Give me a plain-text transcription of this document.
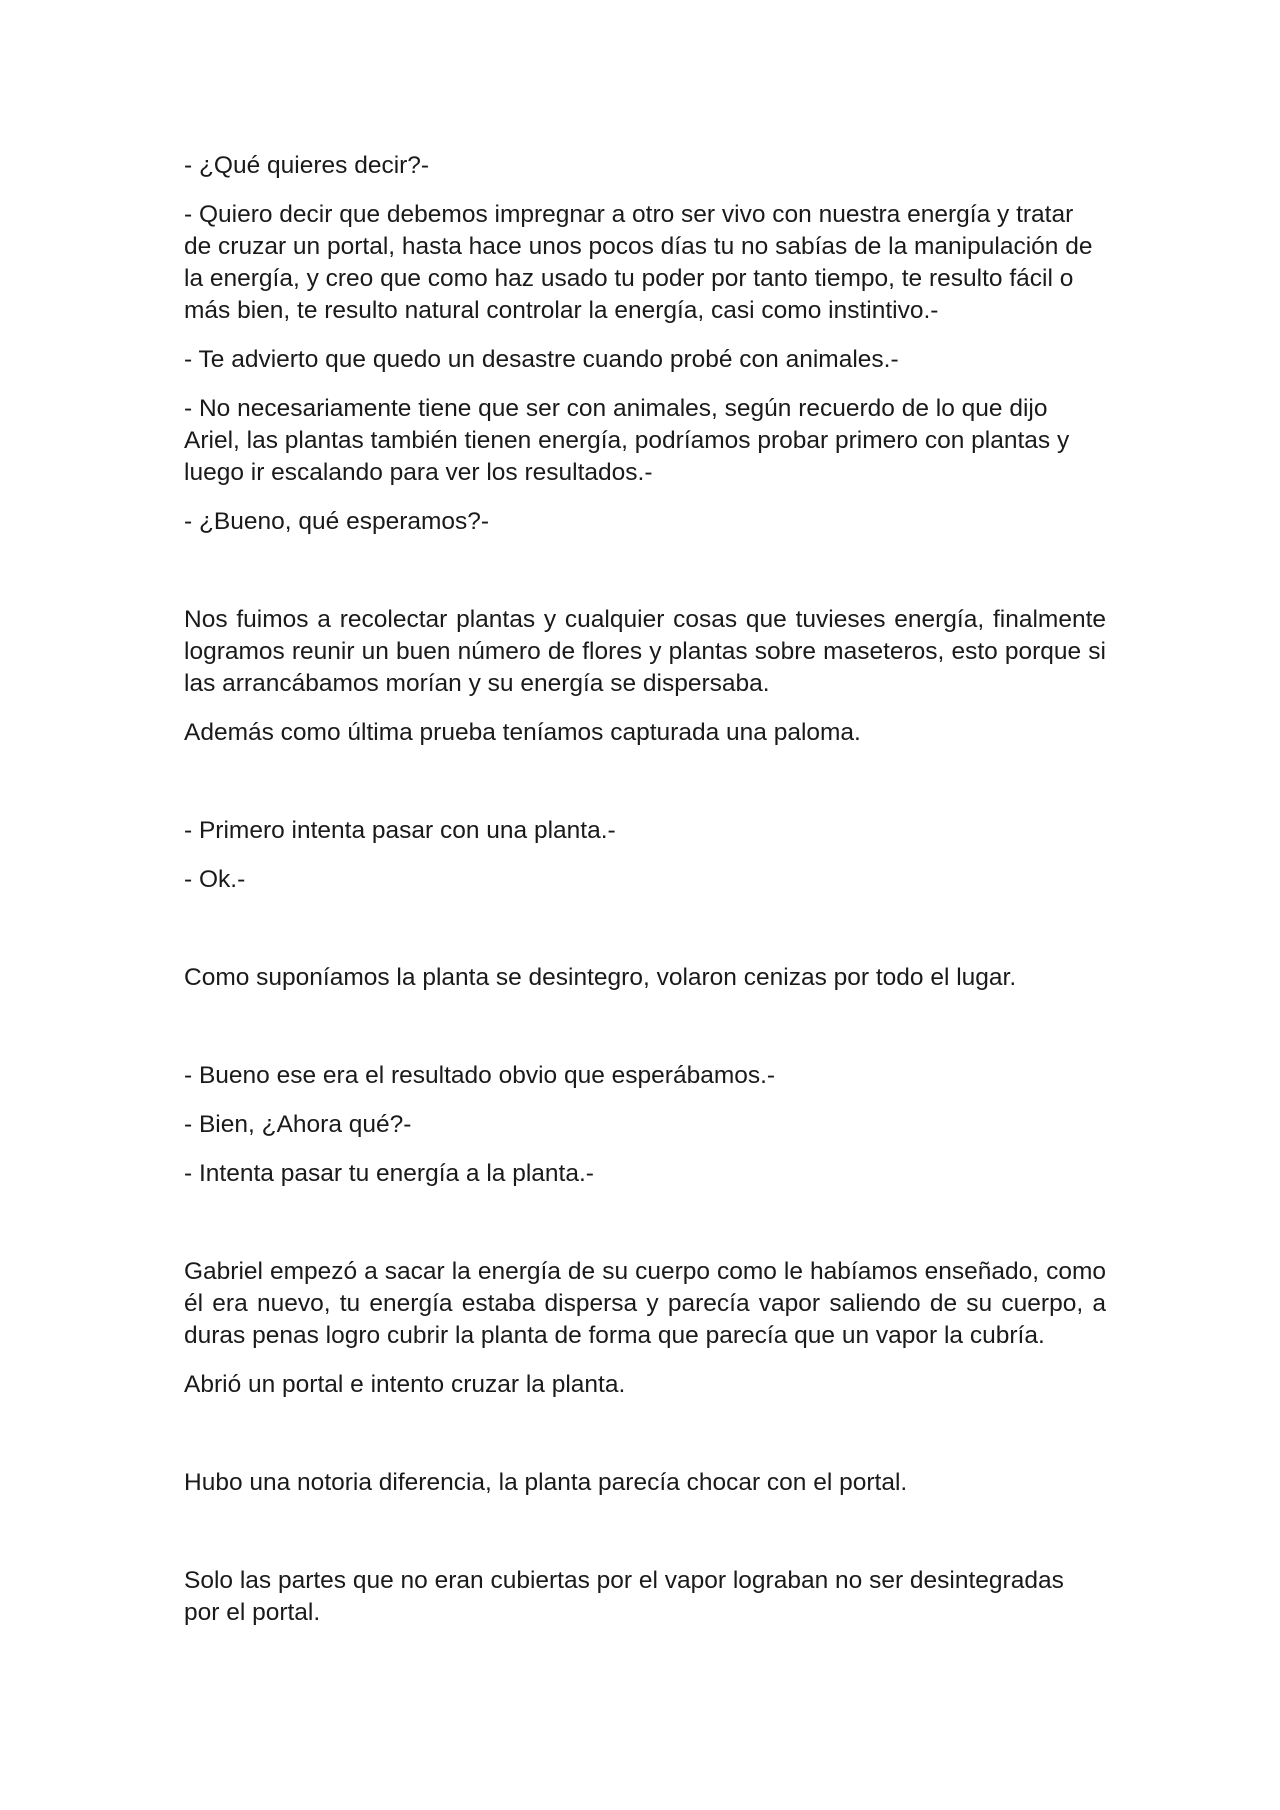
- ¿Qué quieres decir?-

- Quiero decir que debemos impregnar a otro ser vivo con nuestra energía y tratar de cruzar un portal, hasta hace unos pocos días tu no sabías de la manipulación de la energía, y creo que como haz usado tu poder por tanto tiempo, te resulto fácil o más bien, te resulto natural controlar la energía, casi como instintivo.-

- Te advierto que quedo un desastre cuando probé con animales.-

- No necesariamente tiene que ser con animales, según recuerdo de lo que dijo Ariel, las plantas también tienen energía, podríamos probar primero con plantas y luego ir escalando para ver los resultados.-

- ¿Bueno, qué esperamos?-

Nos fuimos a recolectar plantas y cualquier cosas que tuvieses energía, finalmente logramos reunir un buen número de flores y plantas sobre maseteros, esto porque si las arrancábamos morían y su energía se dispersaba.

Además como última prueba teníamos capturada una paloma.

- Primero intenta pasar con una planta.-

- Ok.-

Como suponíamos la planta se desintegro, volaron cenizas por todo el lugar.

- Bueno ese era el resultado obvio que esperábamos.-

- Bien, ¿Ahora qué?-

- Intenta pasar tu energía a la planta.-

Gabriel empezó a sacar la energía de su cuerpo como le habíamos enseñado, como él era nuevo, tu energía estaba dispersa y parecía vapor saliendo de su cuerpo, a duras penas logro cubrir la planta de forma que parecía que un vapor la cubría.

Abrió un portal e intento cruzar la planta.

Hubo una notoria diferencia, la planta parecía chocar con el portal.

Solo las partes que no eran cubiertas por el vapor lograban no ser desintegradas por el portal.
